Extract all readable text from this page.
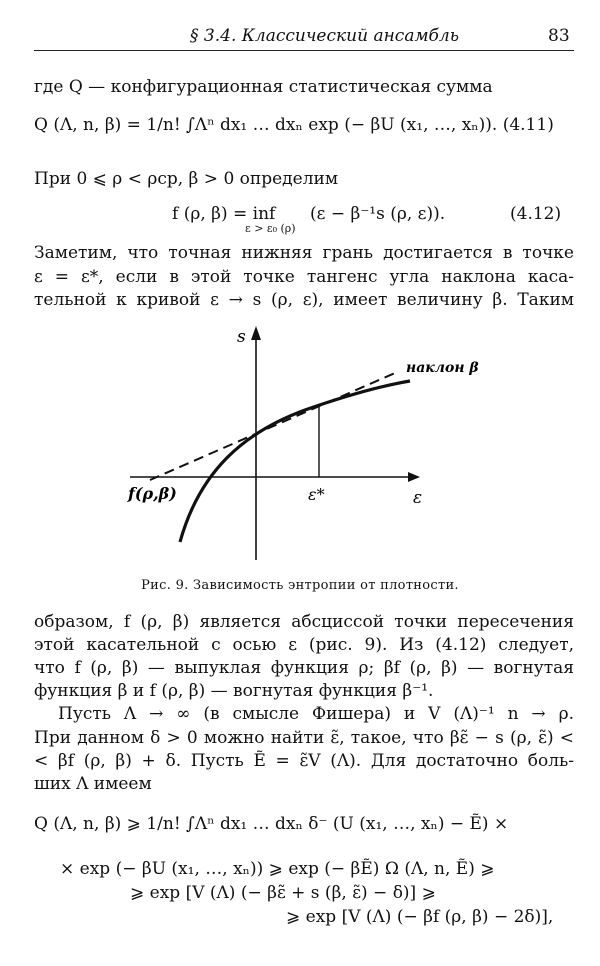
§ 3.4. Классический ансамбль	83
где Q — конфигурационная статистическая сумма
Q (Λ, n, β) = 1/n! ∫Λⁿ dx₁ … dxₙ exp (− βU (x₁, …, xₙ)). (4.11)
При 0 ⩽ ρ < ρср, β > 0 определим
f (ρ, β) = inf
ε > ε₀ (ρ)
(ε − β⁻¹s (ρ, ε)).	(4.12)
Заметим, что точная нижняя грань достигается в точке
ε = ε*, если в этой точке тангенс угла наклона каса-
тельной к кривой ε → s (ρ, ε), имеет величину β. Таким
s
ε
ε*
f(ρ,β)
наклон β
Рис. 9. Зависимость энтропии от плотности.
образом, f (ρ, β) является абсциссой точки пересечения
этой касательной с осью ε (рис. 9). Из (4.12) следует,
что f (ρ, β) — выпуклая функция ρ; βf (ρ, β) — вогнутая
функция β и f (ρ, β) — вогнутая функция β⁻¹.
Пусть Λ → ∞ (в смысле Фишера) и V (Λ)⁻¹ n → ρ.
При данном δ > 0 можно найти ε̃, такое, что βε̃ − s (ρ, ε̃) <
< βf (ρ, β) + δ. Пусть Ẽ = ε̃V (Λ). Для достаточно боль-
ших Λ имеем
Q (Λ, n, β) ⩾ 1/n! ∫Λⁿ dx₁ … dxₙ δ⁻ (U (x₁, …, xₙ) − Ẽ) ×
× exp (− βU (x₁, …, xₙ)) ⩾ exp (− βẼ) Ω (Λ, n, Ẽ) ⩾
⩾ exp [V (Λ) (− βε̃ + s (β, ε̃) − δ)] ⩾
⩾ exp [V (Λ) (− βf (ρ, β) − 2δ)],
